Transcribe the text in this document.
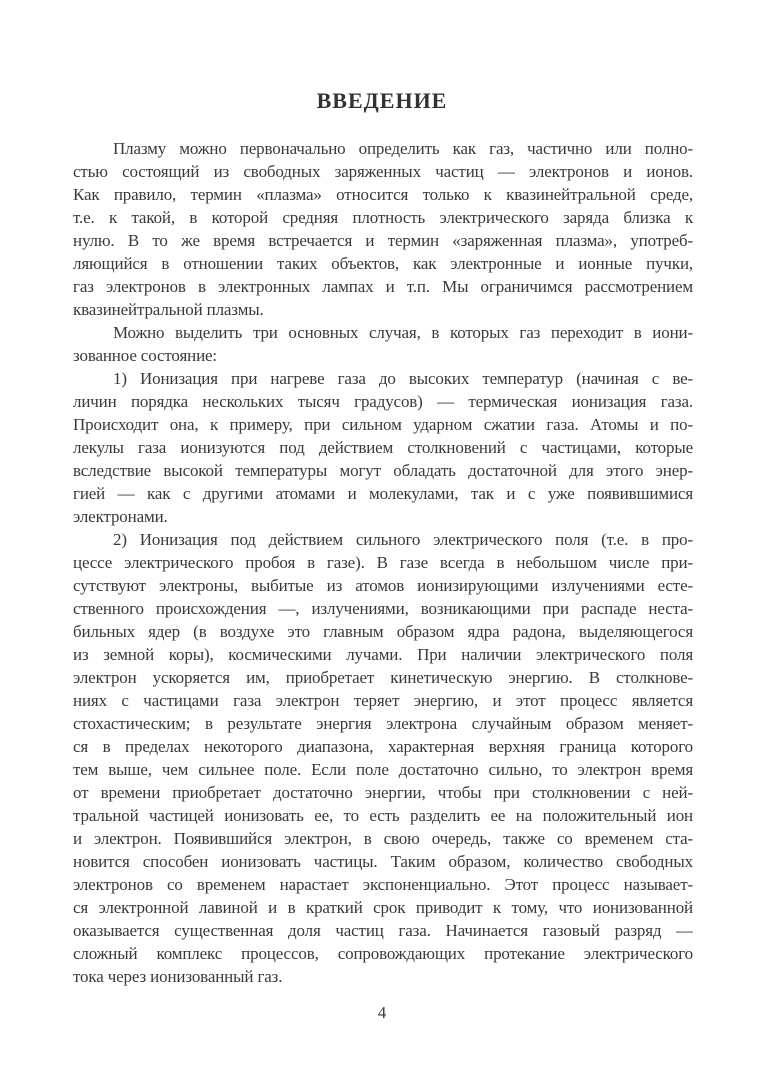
ВВЕДЕНИЕ
Плазму можно первоначально определить как газ, частично или полно-
стью состоящий из свободных заряженных частиц — электронов и ионов.
Как правило, термин «плазма» относится только к квазинейтральной среде,
т.е. к такой, в которой средняя плотность электрического заряда близка к
нулю. В то же время встречается и термин «заряженная плазма», употреб-
ляющийся в отношении таких объектов, как электронные и ионные пучки,
газ электронов в электронных лампах и т.п. Мы ограничимся рассмотрением
квазинейтральной плазмы.
Можно выделить три основных случая, в которых газ переходит в иони-
зованное состояние:
1) Ионизация при нагреве газа до высоких температур (начиная с ве-
личин порядка нескольких тысяч градусов) — термическая ионизация газа.
Происходит она, к примеру, при сильном ударном сжатии газа. Атомы и по-
лекулы газа ионизуются под действием столкновений с частицами, которые
вследствие высокой температуры могут обладать достаточной для этого энер-
гией — как с другими атомами и молекулами, так и с уже появившимися
электронами.
2) Ионизация под действием сильного электрического поля (т.е. в про-
цессе электрического пробоя в газе). В газе всегда в небольшом числе при-
сутствуют электроны, выбитые из атомов ионизирующими излучениями есте-
ственного происхождения —, излучениями, возникающими при распаде неста-
бильных ядер (в воздухе это главным образом ядра радона, выделяющегося
из земной коры), космическими лучами. При наличии электрического поля
электрон ускоряется им, приобретает кинетическую энергию. В столкнове-
ниях с частицами газа электрон теряет энергию, и этот процесс является
стохастическим; в результате энергия электрона случайным образом меняет-
ся в пределах некоторого диапазона, характерная верхняя граница которого
тем выше, чем сильнее поле. Если поле достаточно сильно, то электрон время
от времени приобретает достаточно энергии, чтобы при столкновении с ней-
тральной частицей ионизовать ее, то есть разделить ее на положительный ион
и электрон. Появившийся электрон, в свою очередь, также со временем ста-
новится способен ионизовать частицы. Таким образом, количество свободных
электронов со временем нарастает экспоненциально. Этот процесс называет-
ся электронной лавиной и в краткий срок приводит к тому, что ионизованной
оказывается существенная доля частиц газа. Начинается газовый разряд —
сложный комплекс процессов, сопровождающих протекание электрического
тока через ионизованный газ.
4
